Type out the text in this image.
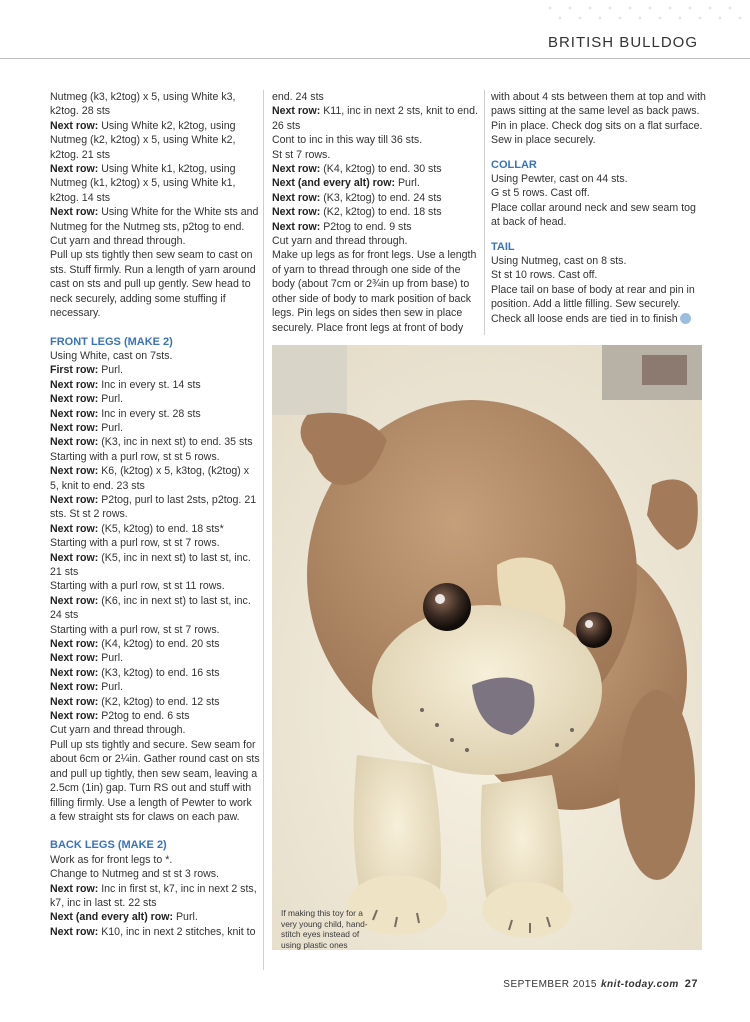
BRITISH BULLDOG

Nutmeg (k3, k2tog) x 5, using White k3, k2tog. 28 sts

Next row: Using White k2, k2tog, using Nutmeg (k2, k2tog) x 5, using White k2, k2tog. 21 sts

Next row: Using White k1, k2tog, using Nutmeg (k1, k2tog) x 5, using White k1, k2tog. 14 sts

Next row: Using White for the White sts and Nutmeg for the Nutmeg sts, p2tog to end.

Cut yarn and thread through.

Pull up sts tightly then sew seam to cast on sts. Stuff firmly. Run a length of yarn around cast on sts and pull up gently. Sew head to neck securely, adding some stuffing if necessary.

FRONT LEGS (MAKE 2)

Using White, cast on 7sts.

First row: Purl.

Next row: Inc in every st. 14 sts

Next row: Purl.

Next row: Inc in every st. 28 sts

Next row: Purl.

Next row: (K3, inc in next st) to end. 35 sts

Starting with a purl row, st st 5 rows.

Next row: K6, (k2tog) x 5, k3tog, (k2tog) x 5, knit to end. 23 sts

Next row: P2tog, purl to last 2sts, p2tog. 21 sts. St st 2 rows.

Next row: (K5, k2tog) to end. 18 sts*

Starting with a purl row, st st 7 rows.

Next row: (K5, inc in next st) to last st, inc. 21 sts

Starting with a purl row, st st 11 rows.

Next row: (K6, inc in next st) to last st, inc. 24 sts

Starting with a purl row, st st 7 rows.

Next row: (K4, k2tog) to end. 20 sts

Next row: Purl.

Next row: (K3, k2tog) to end. 16 sts

Next row: Purl.

Next row: (K2, k2tog) to end. 12 sts

Next row: P2tog to end. 6 sts

Cut yarn and thread through.

Pull up sts tightly and secure. Sew seam for about 6cm or 2¼in. Gather round cast on sts and pull up tightly, then sew seam, leaving a 2.5cm (1in) gap. Turn RS out and stuff with filling firmly. Use a length of Pewter to work a few straight sts for claws on each paw.

BACK LEGS (MAKE 2)

Work as for front legs to *.

Change to Nutmeg and st st 3 rows.

Next row: Inc in first st, k7, inc in next 2 sts, k7, inc in last st. 22 sts

Next (and every alt) row: Purl.

Next row: K10, inc in next 2 stitches, knit to

end. 24 sts

Next row: K11, inc in next 2 sts, knit to end. 26 sts

Cont to inc in this way till 36 sts.

St st 7 rows.

Next row: (K4, k2tog) to end. 30 sts

Next (and every alt) row: Purl.

Next row: (K3, k2tog) to end. 24 sts

Next row: (K2, k2tog) to end. 18 sts

Next row: P2tog to end. 9 sts

Cut yarn and thread through.

Make up legs as for front legs. Use a length of yarn to thread through one side of the body (about 7cm or 2¾in up from base) to other side of body to mark position of back legs. Pin legs on sides then sew in place securely. Place front legs at front of body

with about 4 sts between them at top and with paws sitting at the same level as back paws. Pin in place. Check dog sits on a flat surface. Sew in place securely.

COLLAR

Using Pewter, cast on 44 sts.

G st 5 rows. Cast off.

Place collar around neck and sew seam tog at back of head.

TAIL

Using Nutmeg, cast on 8 sts.

St st 10 rows. Cast off.

Place tail on base of body at rear and pin in position. Add a little filling. Sew securely. Check all loose ends are tied in to finish

If making this toy for a very young child, hand-stitch eyes instead of using plastic ones
SEPTEMBER 2015 knit-today.com 27
